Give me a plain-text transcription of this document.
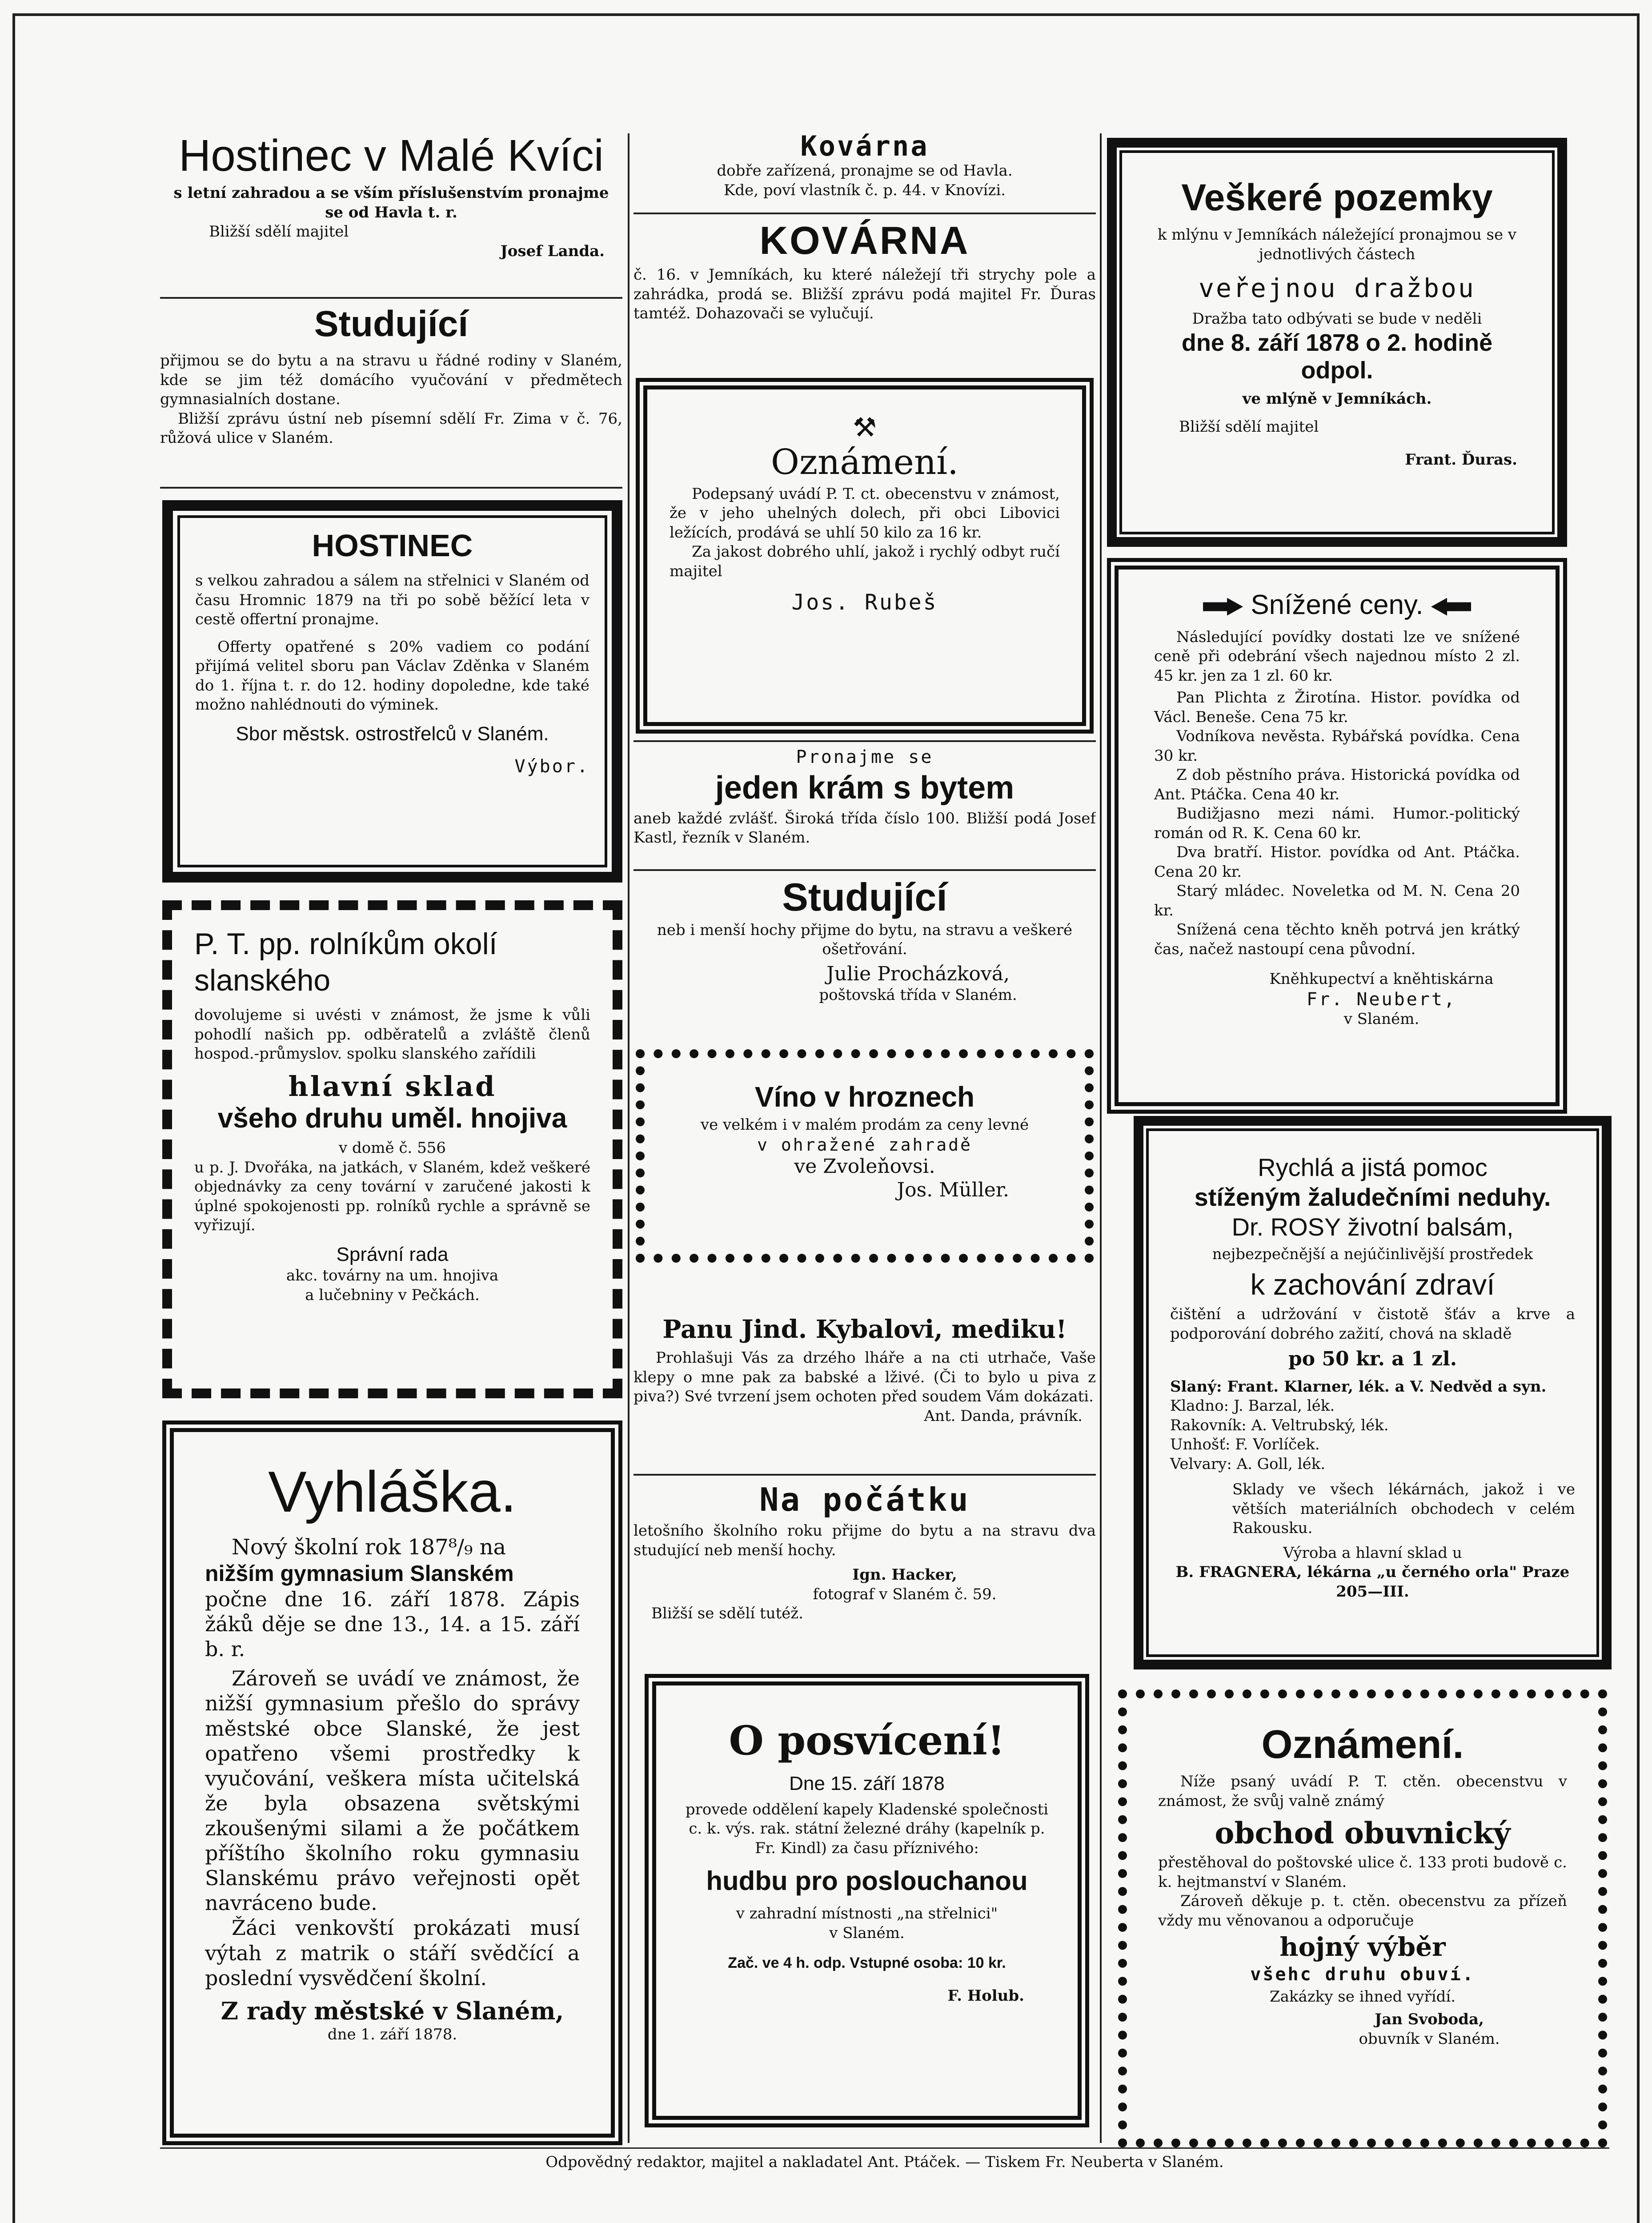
Hostinec v Malé Kvíci

s letní zahradou a se vším příslušenstvím pronajme

se od Havla t. r.

Bližší sdělí majitel

Josef Landa.

Studující

přijmou se do bytu a na stravu u řádné rodiny v Slaném, kde se jim též domácího vyučování v předmětech gymnasialních dostane.

Bližší zprávu ústní neb písemní sdělí Fr. Zima v č. 76, růžová ulice v Slaném.

HOSTINEC

s velkou zahradou a sálem na střelnici v Slaném od času Hromnic 1879 na tři po sobě běžící leta v cestě offertní pronajme.

Offerty opatřené s 20% vadiem co podání přijímá velitel sboru pan Václav Zděnka v Slaném do 1. října t. r. do 12. hodiny dopoledne, kde také možno nahlédnouti do výminek.

Sbor městsk. ostrostřelců v Slaném.

Výbor.

P. T. pp. rolníkům okolí slanského

dovolujeme si uvésti v známost, že jsme k vůli pohodlí našich pp. odběratelů a zvláště členů hospod.-průmyslov. spolku slanského zařídili

hlavní sklad

všeho druhu uměl. hnojiva

v domě č. 556

u p. J. Dvořáka, na jatkách, v Slaném, kdež veškeré objednávky za ceny tovární v zaručené jakosti k úplné spokojenosti pp. rolníků rychle a správně se vyřizují.

Správní rada

akc. továrny na um. hnojiva

a lučebniny v Pečkách.

Vyhláška.

Nový školní rok 187⁸/₉ na

nižším gymnasium Slanském

počne dne 16. září 1878. Zápis žáků děje se dne 13., 14. a 15. září b. r.

Zároveň se uvádí ve známost, že nižší gymnasium přešlo do správy městské obce Slanské, že jest opatřeno všemi prostředky k vyučování, veškera místa učitelská že byla obsazena světskými zkoušenými silami a že počátkem příštího školního roku gymnasiu Slanskému právo veřejnosti opět navráceno bude.

Žáci venkovští prokázati musí výtah z matrik o stáří svědčící a poslední vysvědčení školní.

Z rady městské v Slaném,

dne 1. září 1878.

Kovárna

dobře zařízená, pronajme se od Havla.

Kde, poví vlastník č. p. 44. v Knovízi.

KOVÁRNA

č. 16. v Jemníkách, ku které náležejí tři strychy pole a zahrádka, prodá se. Bližší zprávu podá majitel Fr. Ďuras tamtéž. Dohazovači se vylučují.

⚒

Oznámení.

Podepsaný uvádí P. T. ct. obecenstvu v známost, že v jeho uhelných dolech, při obci Libovici ležících, prodává se uhlí 50 kilo za 16 kr.

Za jakost dobrého uhlí, jakož i rychlý odbyt ručí majitel

Jos. Rubeš

Pronajme se

jeden krám s bytem

aneb každé zvlášť. Široká třída číslo 100. Bližší podá Josef Kastl, řezník v Slaném.

Studující

neb i menší hochy přijme do bytu, na stravu a veškeré ošetřování.

Julie Procházková,

poštovská třída v Slaném.

Víno v hroznech

ve velkém i v malém prodám za ceny levné

v ohražené zahradě

ve Zvoleňovsi.

Jos. Müller.

Panu Jind. Kybalovi, mediku!

Prohlašuji Vás za drzého lháře a na cti utrhače, Vaše klepy o mne pak za babské a lživé. (Či to bylo u piva z piva?) Své tvrzení jsem ochoten před soudem Vám dokázati.

Ant. Danda, právník.

Na počátku

letošního školního roku přijme do bytu a na stravu dva studující neb menší hochy.

Ign. Hacker,

fotograf v Slaném č. 59.

Bližší se sdělí tutéž.

O posvícení!

Dne 15. září 1878

provede oddělení kapely Kladenské společnosti c. k. výs. rak. státní železné dráhy (kapelník p. Fr. Kindl) za času příznivého:

hudbu pro poslouchanou

v zahradní místnosti „na střelnici"

v Slaném.

Zač. ve 4 h. odp. Vstupné osoba: 10 kr.

F. Holub.

Veškeré pozemky

k mlýnu v Jemníkách náležející pronajmou se v jednotlivých částech

veřejnou dražbou

Dražba tato odbývati se bude v neděli

dne 8. září 1878 o 2. hodině odpol.

ve mlýně v Jemníkách.

Bližší sdělí majitel

Frant. Ďuras.

Snížené ceny.

Následující povídky dostati lze ve snížené ceně při odebrání všech najednou místo 2 zl. 45 kr. jen za 1 zl. 60 kr.

Pan Plichta z Žirotína. Histor. povídka od Václ. Beneše. Cena 75 kr.

Vodníkova nevěsta. Rybářská povídka. Cena 30 kr.

Z dob pěstního práva. Historická povídka od Ant. Ptáčka. Cena 40 kr.

Budižjasno mezi námi. Humor.-politický román od R. K. Cena 60 kr.

Dva bratří. Histor. povídka od Ant. Ptáčka. Cena 20 kr.

Starý mládec. Noveletka od M. N. Cena 20 kr.

Snížená cena těchto kněh potrvá jen krátký čas, načež nastoupí cena původní.

Kněhkupectví a kněhtiskárna

Fr. Neubert,

v Slaném.

Rychlá a jistá pomoc

stíženým žaludečními neduhy.

Dr. ROSY životní balsám,

nejbezpečnější a nejúčinlivější prostředek

k zachování zdraví

čištění a udržování v čistotě šťáv a krve a podporování dobrého zažití, chová na skladě

po 50 kr. a 1 zl.

Slaný: Frant. Klarner, lék. a V. Nedvěd a syn.

Kladno: J. Barzal, lék.

Rakovník: A. Veltrubský, lék.

Unhošť: F. Vorlíček.

Velvary: A. Goll, lék.

Sklady ve všech lékárnách, jakož i ve větších materiálních obchodech v celém Rakousku.

Výroba a hlavní sklad u

B. FRAGNERA, lékárna „u černého orla" Praze 205—III.

Oznámení.

Níže psaný uvádí P. T. ctěn. obecenstvu v známost, že svůj valně známý

obchod obuvnický

přestěhoval do poštovské ulice č. 133 proti budově c. k. hejtmanství v Slaném.

Zároveň děkuje p. t. ctěn. obecenstvu za přízeň vždy mu věnovanou a odporučuje

hojný výběr

všehc druhu obuví.

Zakázky se ihned vyřídí.

Jan Svoboda,

obuvník v Slaném.

Odpovědný redaktor, majitel a nakladatel Ant. Ptáček. — Tiskem Fr. Neuberta v Slaném.
